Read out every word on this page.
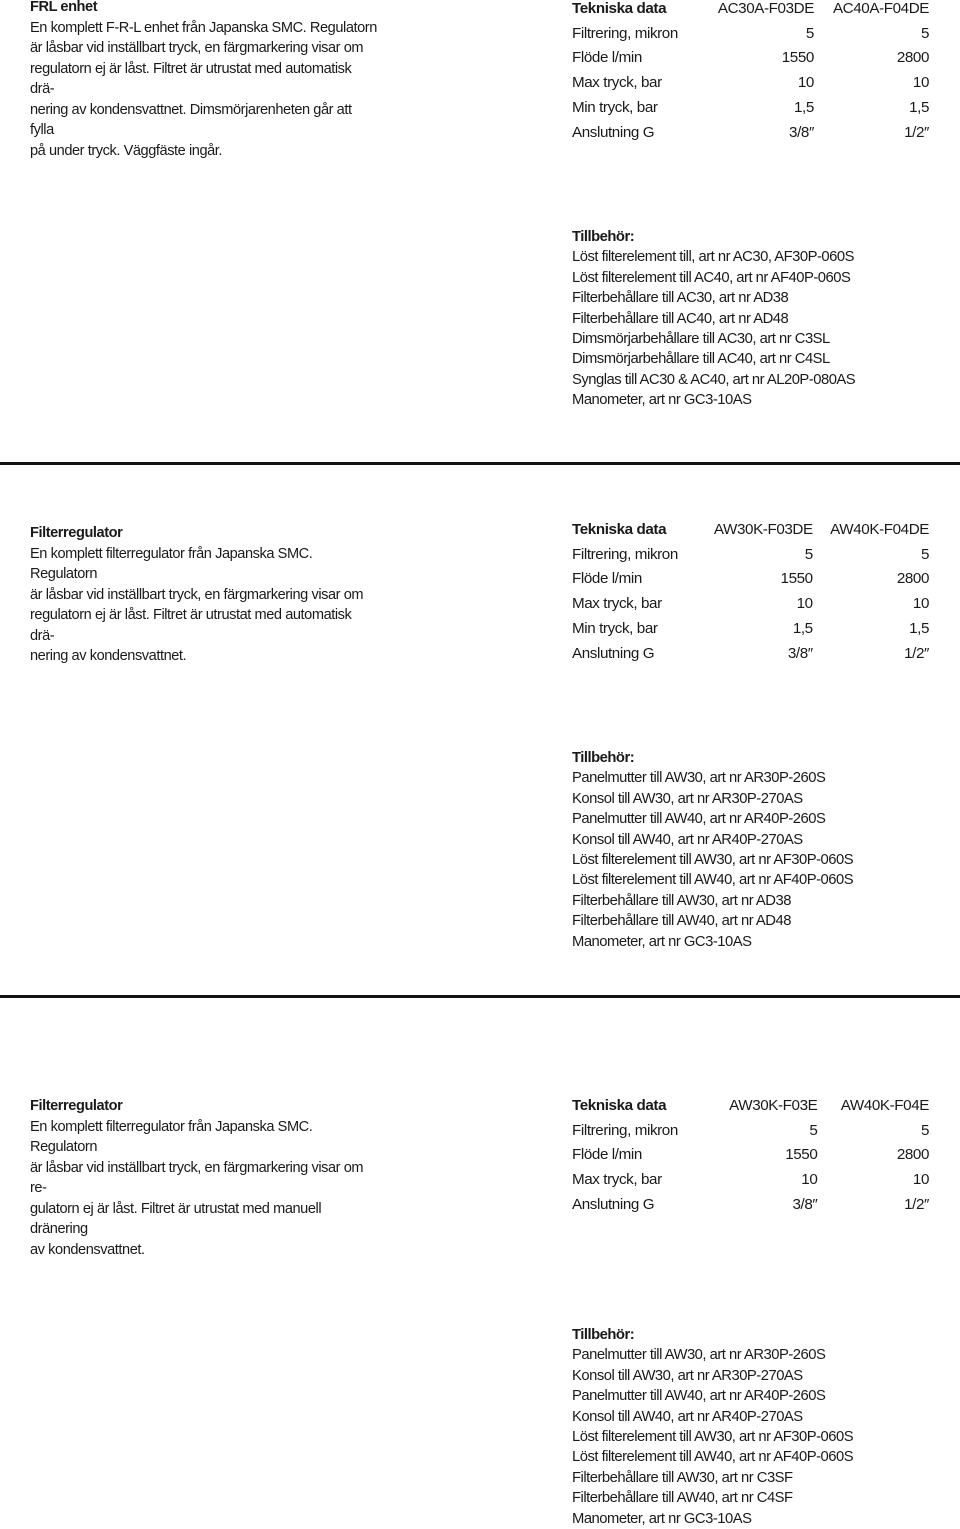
FRL enhet
En komplett F-R-L enhet från Japanska SMC. Regulatorn
är låsbar vid inställbart tryck, en färgmarkering visar om
regulatorn ej är låst. Filtret är utrustat med automatisk drä-
nering av kondensvattnet. Dimsmörjarenheten går att fylla
på under tryck. Väggfäste ingår.
Tekniska data	AC30A-F03DE	AC40A-F04DE
Filtrering, mikron	5	5
Flöde l/min	1550	2800
Max tryck, bar	10	10
Min tryck, bar	1,5	1,5
Anslutning G	3/8″	1/2″
Tillbehör:
Löst filterelement till, art nr AC30, AF30P-060S
Löst filterelement till AC40, art nr AF40P-060S
Filterbehållare till AC30, art nr AD38
Filterbehållare till AC40, art nr AD48
Dimsmörjarbehållare till AC30, art nr C3SL
Dimsmörjarbehållare till AC40, art nr C4SL
Synglas till AC30 & AC40, art nr AL20P-080AS
Manometer, art nr GC3-10AS
Filterregulator
En komplett filterregulator från Japanska SMC. Regulatorn
är låsbar vid inställbart tryck, en färgmarkering visar om
regulatorn ej är låst. Filtret är utrustat med automatisk drä-
nering av kondensvattnet.
Tekniska data	AW30K-F03DE	AW40K-F04DE
Filtrering, mikron	5	5
Flöde l/min	1550	2800
Max tryck, bar	10	10
Min tryck, bar	1,5	1,5
Anslutning G	3/8″	1/2″
Tillbehör:
Panelmutter till AW30, art nr AR30P-260S
Konsol till AW30, art nr AR30P-270AS
Panelmutter till AW40, art nr AR40P-260S
Konsol till AW40, art nr AR40P-270AS
Löst filterelement till AW30, art nr AF30P-060S
Löst filterelement till AW40, art nr AF40P-060S
Filterbehållare till AW30, art nr AD38
Filterbehållare till AW40, art nr AD48
Manometer, art nr GC3-10AS
Filterregulator
En komplett filterregulator från Japanska SMC. Regulatorn
är låsbar vid inställbart tryck, en färgmarkering visar om re-
gulatorn ej är låst. Filtret är utrustat med manuell dränering
av kondensvattnet.
Tekniska data	AW30K-F03E	AW40K-F04E
Filtrering, mikron	5	5
Flöde l/min	1550	2800
Max tryck, bar	10	10
Anslutning G	3/8″	1/2″
Tillbehör:
Panelmutter till AW30, art nr AR30P-260S
Konsol till AW30, art nr AR30P-270AS
Panelmutter till AW40, art nr AR40P-260S
Konsol till AW40, art nr AR40P-270AS
Löst filterelement till AW30, art nr AF30P-060S
Löst filterelement till AW40, art nr AF40P-060S
Filterbehållare till AW30, art nr C3SF
Filterbehållare till AW40, art nr C4SF
Manometer, art nr GC3-10AS
